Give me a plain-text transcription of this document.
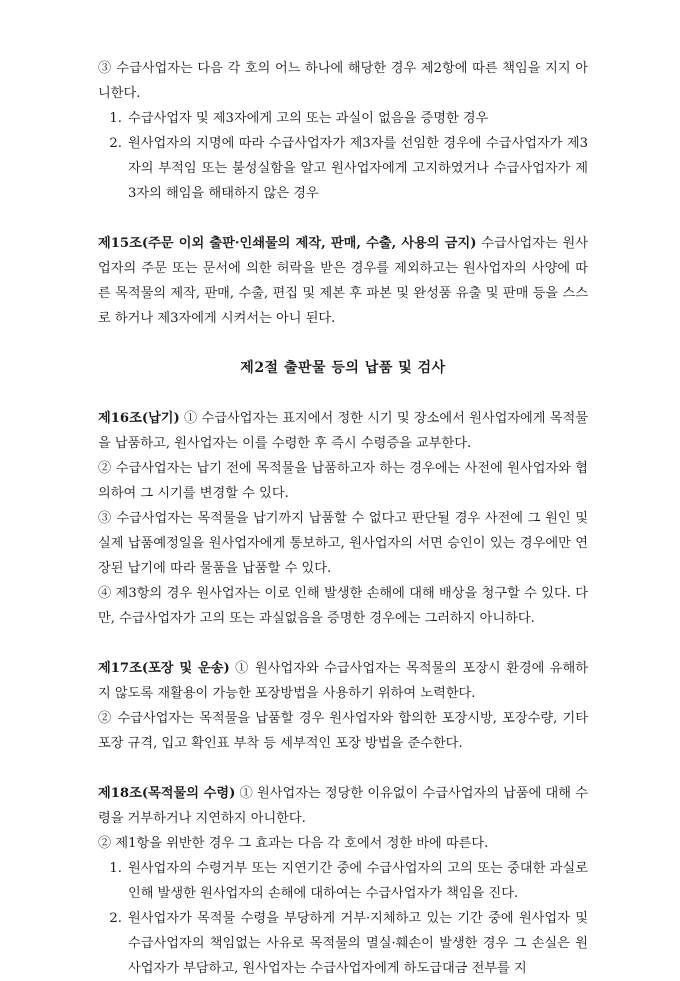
③ 수급사업자는 다음 각 호의 어느 하나에 해당한 경우 제2항에 따른 책임을 지지 아니한다.

1. 수급사업자 및 제3자에게 고의 또는 과실이 없음을 증명한 경우
2. 원사업자의 지명에 따라 수급사업자가 제3자를 선임한 경우에 수급사업자가 제3자의 부적임 또는 불성실함을 알고 원사업자에게 고지하였거나 수급사업자가 제3자의 해임을 해태하지 않은 경우

제15조(주문 이외 출판·인쇄물의 제작, 판매, 수출, 사용의 금지) 수급사업자는 원사업자의 주문 또는 문서에 의한 허락을 받은 경우를 제외하고는 원사업자의 사양에 따른 목적물의 제작, 판매, 수출, 편집 및 제본 후 파본 및 완성품 유출 및 판매 등을 스스로 하거나 제3자에게 시켜서는 아니 된다.

제2절 출판물 등의 납품 및 검사

제16조(납기) ① 수급사업자는 표지에서 정한 시기 및 장소에서 원사업자에게 목적물을 납품하고, 원사업자는 이를 수령한 후 즉시 수령증을 교부한다.

② 수급사업자는 납기 전에 목적물을 납품하고자 하는 경우에는 사전에 원사업자와 협의하여 그 시기를 변경할 수 있다.

③ 수급사업자는 목적물을 납기까지 납품할 수 없다고 판단될 경우 사전에 그 원인 및 실제 납품예정일을 원사업자에게 통보하고, 원사업자의 서면 승인이 있는 경우에만 연장된 납기에 따라 물품을 납품할 수 있다.

④ 제3항의 경우 원사업자는 이로 인해 발생한 손해에 대해 배상을 청구할 수 있다. 다만, 수급사업자가 고의 또는 과실없음을 증명한 경우에는 그러하지 아니하다.

제17조(포장 및 운송) ① 원사업자와 수급사업자는 목적물의 포장시 환경에 유해하지 않도록 재활용이 가능한 포장방법을 사용하기 위하여 노력한다.

② 수급사업자는 목적물을 납품할 경우 원사업자와 합의한 포장시방, 포장수량, 기타 포장 규격, 입고 확인표 부착 등 세부적인 포장 방법을 준수한다.

제18조(목적물의 수령) ① 원사업자는 정당한 이유없이 수급사업자의 납품에 대해 수령을 거부하거나 지연하지 아니한다.

② 제1항을 위반한 경우 그 효과는 다음 각 호에서 정한 바에 따른다.

1. 원사업자의 수령거부 또는 지연기간 중에 수급사업자의 고의 또는 중대한 과실로 인해 발생한 원사업자의 손해에 대하여는 수급사업자가 책임을 진다.
2. 원사업자가 목적물 수령을 부당하게 거부·지체하고 있는 기간 중에 원사업자 및 수급사업자의 책임없는 사유로 목적물의 멸실·훼손이 발생한 경우 그 손실은 원사업자가 부담하고, 원사업자는 수급사업자에게 하도급대금 전부를 지
